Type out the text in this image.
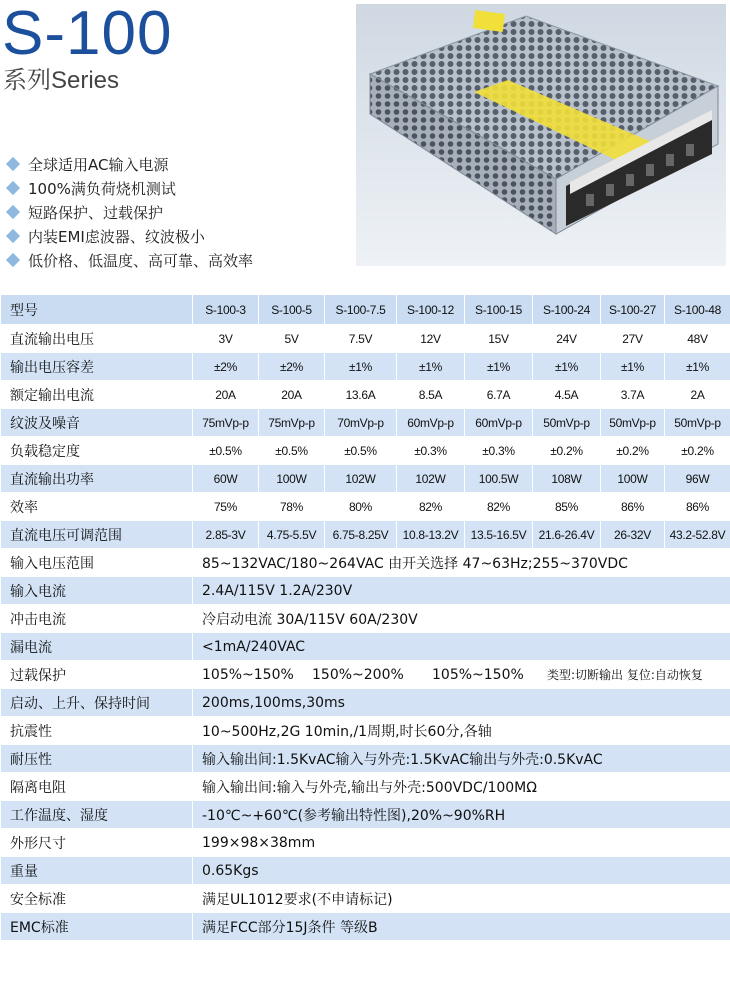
S-100
系列Series
全球适用AC输入电源
100%满负荷烧机测试
短路保护、过载保护
内装EMI虑波器、纹波极小
低价格、低温度、高可靠、高效率
型号	S-100-3	S-100-5	S-100-7.5	S-100-12	S-100-15	S-100-24	S-100-27	S-100-48
直流输出电压	3V	5V	7.5V	12V	15V	24V	27V	48V
输出电压容差	±2%	±2%	±1%	±1%	±1%	±1%	±1%	±1%
额定输出电流	20A	20A	13.6A	8.5A	6.7A	4.5A	3.7A	2A
纹波及噪音	75mVp-p	75mVp-p	70mVp-p	60mVp-p	60mVp-p	50mVp-p	50mVp-p	50mVp-p
负载稳定度	±0.5%	±0.5%	±0.5%	±0.3%	±0.3%	±0.2%	±0.2%	±0.2%
直流输出功率	60W	100W	102W	102W	100.5W	108W	100W	96W
效率	75%	78%	80%	82%	82%	85%	86%	86%
直流电压可调范围	2.85-3V	4.75-5.5V	6.75-8.25V	10.8-13.2V	13.5-16.5V	21.6-26.4V	26-32V	43.2-52.8V
输入电压范围	85~132VAC/180~264VAC 由开关选择 47~63Hz;255~370VDC							
输入电流	2.4A/115V 1.2A/230V							
冲击电流	冷启动电流 30A/115V 60A/230V							
漏电流	<1mA/240VAC							
过载保护	105%~150% 150%~200% 105%~150% 类型:切断输出 复位:自动恢复							

启动、上升、保持时间	200ms,100ms,30ms							
抗震性	10~500Hz,2G 10min,/1周期,时长60分,各轴							
耐压性	输入输出间:1.5KvAC输入与外壳:1.5KvAC输出与外壳:0.5KvAC							
隔离电阻	输入输出间:输入与外壳,输出与外壳:500VDC/100MΩ							
工作温度、湿度	-10℃~+60℃(参考输出特性图),20%~90%RH							
外形尺寸	199×98×38mm							
重量	0.65Kgs							
安全标准	满足UL1012要求(不申请标记)							
EMC标准	满足FCC部分15J条件 等级B							
